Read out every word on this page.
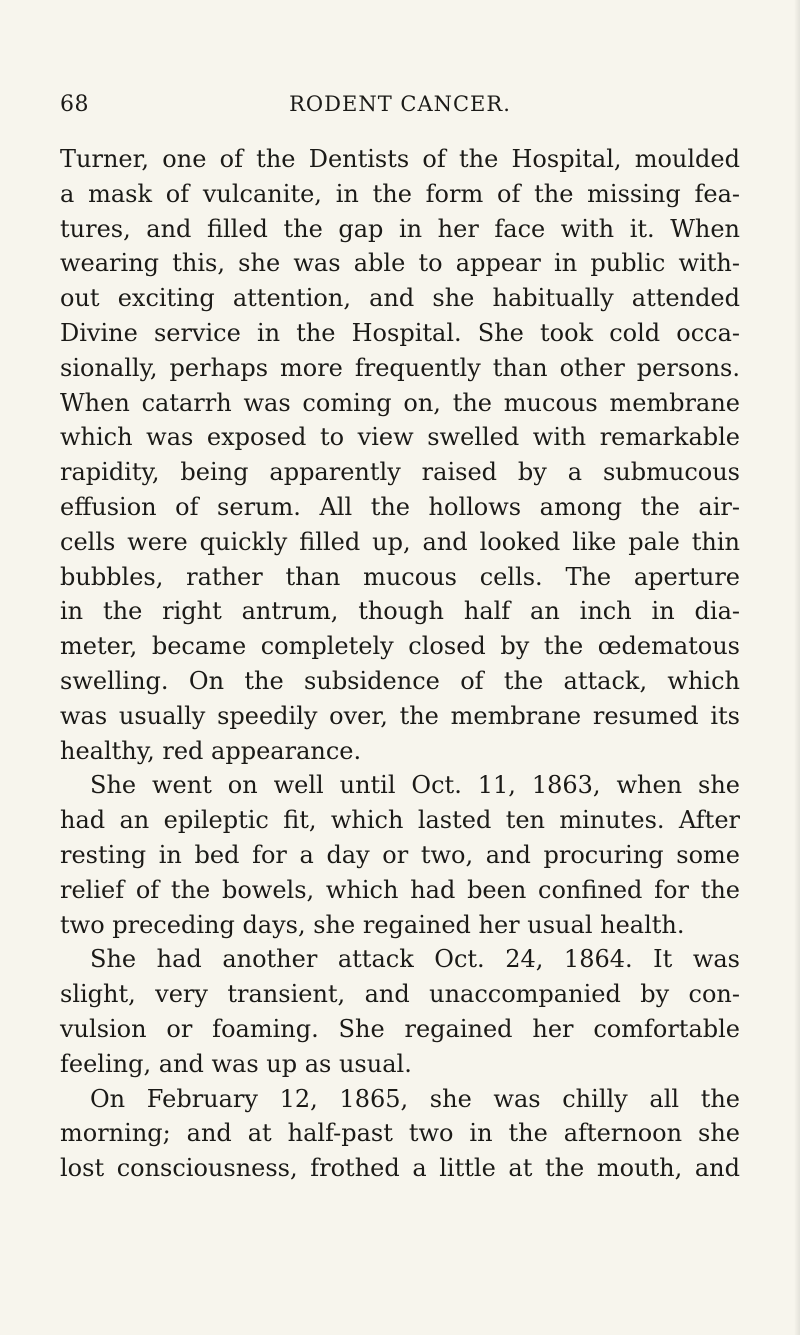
68	RODENT CANCER.
Turner, one of the Dentists of the Hospital, moulded
a mask of vulcanite, in the form of the missing fea-
tures, and filled the gap in her face with it. When
wearing this, she was able to appear in public with-
out exciting attention, and she habitually attended
Divine service in the Hospital. She took cold occa-
sionally, perhaps more frequently than other persons.
When catarrh was coming on, the mucous membrane
which was exposed to view swelled with remarkable
rapidity, being apparently raised by a submucous
effusion of serum. All the hollows among the air-
cells were quickly filled up, and looked like pale thin
bubbles, rather than mucous cells. The aperture
in the right antrum, though half an inch in dia-
meter, became completely closed by the œdematous
swelling. On the subsidence of the attack, which
was usually speedily over, the membrane resumed its
healthy, red appearance.
She went on well until Oct. 11, 1863, when she
had an epileptic fit, which lasted ten minutes. After
resting in bed for a day or two, and procuring some
relief of the bowels, which had been confined for the
two preceding days, she regained her usual health.
She had another attack Oct. 24, 1864. It was
slight, very transient, and unaccompanied by con-
vulsion or foaming. She regained her comfortable
feeling, and was up as usual.
On February 12, 1865, she was chilly all the
morning; and at half-past two in the afternoon she
lost consciousness, frothed a little at the mouth, and
